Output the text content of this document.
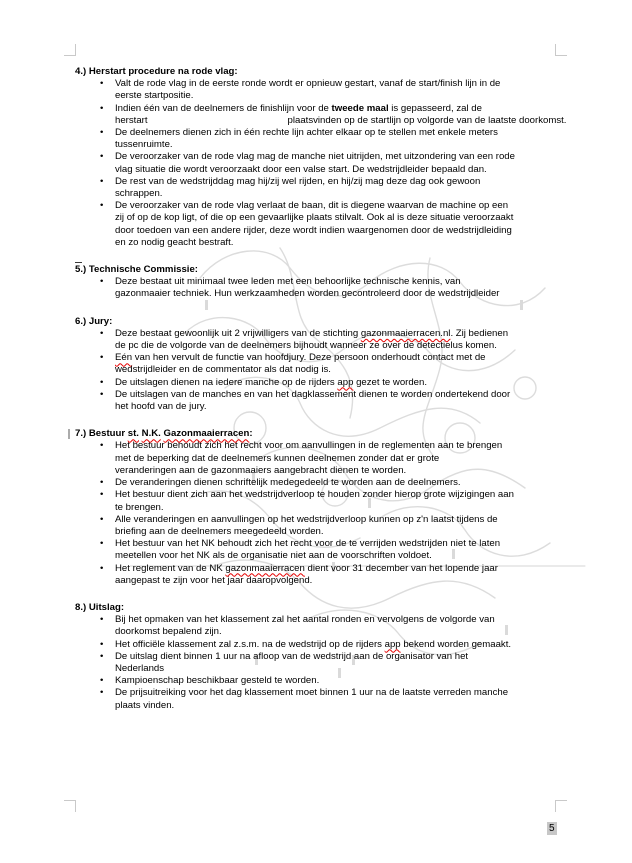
4.) Herstart procedure na rode vlag:
•	Valt de rode vlag in de eerste ronde wordt er opnieuw gestart, vanaf de start/finish lijn in de
eerste startpositie.
•	Indien één van de deelnemers de finishlijn voor de tweede maal is gepasseerd, zal de
herstart	plaatsvinden op de startlijn op volgorde van de laatste doorkomst.
•	De deelnemers dienen zich in één rechte lijn achter elkaar op te stellen met enkele meters
tussenruimte.
•	De veroorzaker van de rode vlag mag de manche niet uitrijden, met uitzondering van een rode
vlag situatie die wordt veroorzaakt door een valse start. De wedstrijdleider bepaald dan.
•	De rest van de wedstrijddag mag hij/zij wel rijden, en hij/zij mag deze dag ook gewoon
schrappen.
•	De veroorzaker van de rode vlag verlaat de baan, dit is diegene waarvan de machine op een
zij of op de kop ligt, of die op een gevaarlijke plaats stilvalt. Ook al is deze situatie veroorzaakt
door toedoen van een andere rijder, deze wordt indien waargenomen door de wedstrijdleiding
en zo nodig geacht bestraft.
5.) Technische Commissie:
•	Deze bestaat uit minimaal twee leden met een behoorlijke technische kennis, van
gazonmaaier techniek. Hun werkzaamheden worden gecontroleerd door de wedstrijdleider
6.) Jury:
•	Deze bestaat gewoonlijk uit 2 vrijwilligers van de stichting gazonmaaierracen.nl. Zij bedienen
de pc die de volgorde van de deelnemers bijhoudt wanneer ze over de detectielus komen.
•	Eén van hen vervult de functie van hoofdjury. Deze persoon onderhoudt contact met de
wedstrijdleider en de commentator als dat nodig is.
•	De uitslagen dienen na iedere manche op de rijders app gezet te worden.
•	De uitslagen van de manches en van het dagklassement dienen te worden ondertekend door
het hoofd van de jury.
7.) Bestuur st. N.K. Gazonmaaierracen:
•	Het bestuur behoudt zich het recht voor om aanvullingen in de reglementen aan te brengen
met de beperking dat de deelnemers kunnen deelnemen zonder dat er grote
veranderingen aan de gazonmaaiers aangebracht dienen te worden.
•	De veranderingen dienen schriftelijk medegedeeld te worden aan de deelnemers.
•	Het bestuur dient zich aan het wedstrijdverloop te houden zonder hierop grote wijzigingen aan
te brengen.
•	Alle veranderingen en aanvullingen op het wedstrijdverloop kunnen op z'n laatst tijdens de
briefing aan de deelnemers meegedeeld worden.
•	Het bestuur van het NK behoudt zich het recht voor de te verrijden wedstrijden niet te laten
meetellen voor het NK als de organisatie niet aan de voorschriften voldoet.
•	Het reglement van de NK gazonmaaierracen dient voor 31 december van het lopende jaar
aangepast te zijn voor het jaar daaropvolgend.
8.) Uitslag:
•	Bij het opmaken van het klassement zal het aantal ronden en vervolgens de volgorde van
doorkomst bepalend zijn.
•	Het officiële klassement zal z.s.m. na de wedstrijd op de rijders app bekend worden gemaakt.
•	De uitslag dient binnen 1 uur na afloop van de wedstrijd aan de organisator van het
Nederlands
•	Kampioenschap beschikbaar gesteld te worden.
•	De prijsuitreiking voor het dag klassement moet binnen 1 uur na de laatste verreden manche
plaats vinden.
5
